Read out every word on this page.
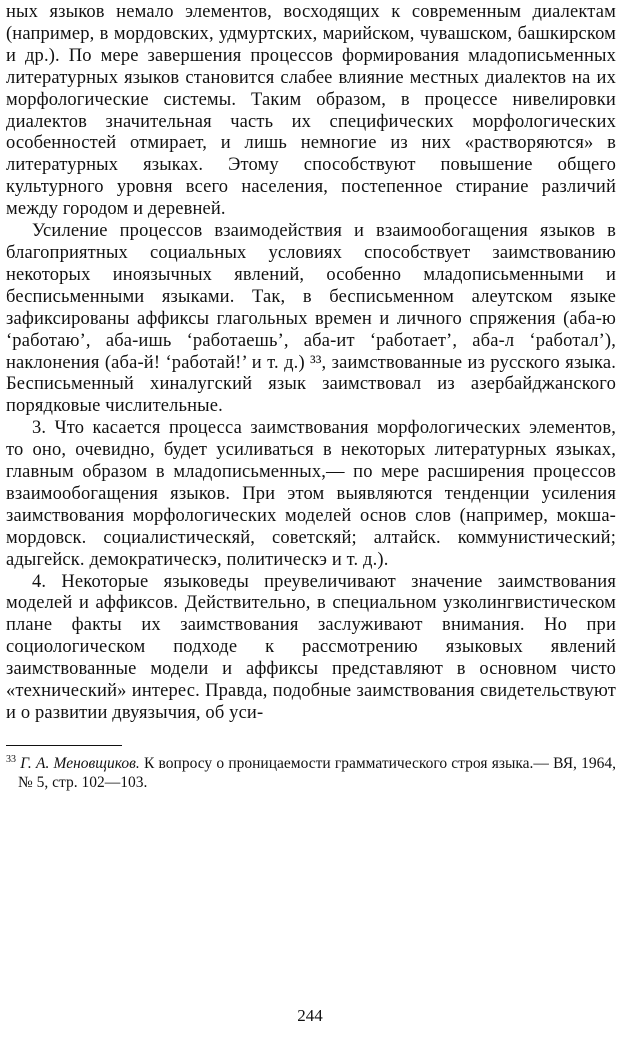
ных языков немало элементов, восходящих к современным диалектам (например, в мордовских, удмуртских, марийском, чувашском, башкирском и др.). По мере завершения процессов формирования младописьменных литературных языков становится слабее влияние местных диалектов на их морфологические системы. Таким образом, в процессе нивелировки диалектов значительная часть их специфических морфологических особенностей отмирает, и лишь немногие из них «растворяются» в литературных языках. Этому способствуют повышение общего культурного уровня всего населения, постепенное стирание различий между городом и деревней.

Усиление процессов взаимодействия и взаимообогащения языков в благоприятных социальных условиях способствует заимствованию некоторых иноязычных явлений, особенно младописьменными и бесписьменными языками. Так, в бесписьменном алеутском языке зафиксированы аффиксы глагольных времен и личного спряжения (аба-ю ‘работаю’, аба-ишь ‘работаешь’, аба-ит ‘работает’, аба-л ‘работал’), наклонения (аба-й! ‘работай!’ и т. д.) ³³, заимствованные из русского языка. Бесписьменный хиналугский язык заимствовал из азербайджанского порядковые числительные.

3. Что касается процесса заимствования морфологических элементов, то оно, очевидно, будет усиливаться в некоторых литературных языках, главным образом в младописьменных,— по мере расширения процессов взаимообогащения языков. При этом выявляются тенденции усиления заимствования морфологических моделей основ слов (например, мокша-мордовск. социалистическяй, советскяй; алтайск. коммунистический; адыгейск. демократическэ, политическэ и т. д.).

4. Некоторые языковеды преувеличивают значение заимствования моделей и аффиксов. Действительно, в специальном узколингвистическом плане факты их заимствования заслуживают внимания. Но при социологическом подходе к рассмотрению языковых явлений заимствованные модели и аффиксы представляют в основном чисто «технический» интерес. Правда, подобные заимствования свидетельствуют и о развитии двуязычия, об уси-

$^{33}$ Г. А. Меновщиков. К вопросу о проницаемости грамматического строя языка.— ВЯ, 1964, № 5, стр. 102—103.
244
